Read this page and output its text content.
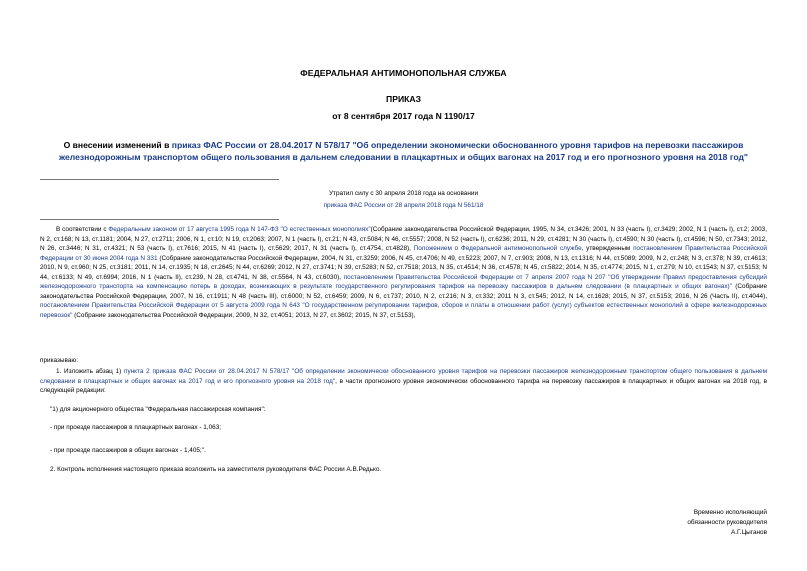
ФЕДЕРАЛЬНАЯ АНТИМОНОПОЛЬНАЯ СЛУЖБА
ПРИКАЗ
от 8 сентября 2017 года N 1190/17
О внесении изменений в приказ ФАС России от 28.04.2017 N 578/17 "Об определении экономически обоснованного уровня тарифов на перевозки пассажиров железнодорожным транспортом общего пользования в дальнем следовании в плацкартных и общих вагонах на 2017 год и его прогнозного уровня на 2018 год"
Утратил силу с 30 апреля 2018 года на основании
приказа ФАС России от 28 апреля 2018 года N 561/18
В соответствии с Федеральным законом от 17 августа 1995 года N 147-ФЗ "О естественных монополиях"(Собрание законодательства Российской Федерации, 1995, N 34, ст.3426; 2001, N 33 (часть I), ст.3429; 2002, N 1 (часть I), ст.2; 2003, N 2, ст.168; N 13, ст.1181; 2004, N 27, ст.2711; 2006, N 1, ст.10; N 19, ст.2063; 2007, N 1 (часть I), ст.21; N 43, ст.5084; N 46, ст.5557; 2008, N 52 (часть I), ст.6236; 2011, N 29, ст.4281; N 30 (часть I), ст.4590; N 30 (часть I), ст.4596; N 50, ст.7343; 2012, N 26, ст.3446; N 31, ст.4321; N 53 (часть I), ст.7616; 2015, N 41 (часть I), ст.5629; 2017, N 31 (часть I), ст.4754, ст.4828), Положением о Федеральной антимонопольной службе, утвержденным постановлением Правительства Российской Федерации от 30 июня 2004 года N 331 (Собрание законодательства Российской Федерации, 2004, N 31, ст.3259; 2006, N 45, ст.4706; N 49, ст.5223; 2007, N 7, ст.903; 2008, N 13, ст.1316; N 44, ст.5089; 2009, N 2, ст.248; N 3, ст.378; N 39, ст.4613; 2010, N 9, ст.960; N 25, ст.3181; 2011, N 14, ст.1935; N 18, ст.2645; N 44, ст.6269; 2012, N 27, ст.3741; N 39, ст.5283; N 52, ст.7518; 2013, N 35, ст.4514; N 36, ст.4578; N 45, ст.5822; 2014, N 35, ст.4774; 2015, N 1, ст.279; N 10, ст.1543; N 37, ст.5153; N 44, ст.6133; N 49, ст.6994; 2016, N 1 (часть II), ст.239, N 28, ст.4741, N 38, ст.5564, N 43, ст.6030), постановлением Правительства Российской Федерации от 7 апреля 2007 года N 207 "Об утверждении Правил предоставления субсидий железнодорожного транспорта на компенсацию потерь в доходах, возникающих в результате государственного регулирования тарифов на перевозку пассажиров в дальнем следовании (в плацкартных и общих вагонах)" (Собрание законодательства Российской Федерации, 2007, N 16, ст.1911; N 48 (часть III), ст.6000; N 52, ст.6459; 2009, N 6, ст.737; 2010, N 2, ст.216; N 3, ст.332; 2011 N 3, ст.545; 2012, N 14, ст.1628; 2015, N 37, ст.5153; 2016, N 26 (Часть II), ст.4044), постановлением Правительства Российской Федерации от 5 августа 2009 года N 643 "О государственном регулировании тарифов, сборов и платы в отношении работ (услуг) субъектов естественных монополий в сфере железнодорожных перевозок" (Собрание законодательства Российской Федерации, 2009, N 32, ст.4051; 2013, N 27, ст.3602; 2015, N 37, ст.5153),
приказываю:
1. Изложить абзац 1) пункта 2 приказа ФАС России от 28.04.2017 N 578/17 "Об определении экономически обоснованного уровня тарифов на перевозки пассажиров железнодорожным транспортом общего пользования в дальнем следовании в плацкартных и общих вагонах на 2017 год и его прогнозного уровня на 2018 год", в части прогнозного уровня экономически обоснованного тарифа на перевозку пассажиров в плацкартных и общих вагонах на 2018 год, в следующей редакции:
"1) для акционерного общества "Федеральная пассажирская компания":
- при проезде пассажиров в плацкартных вагонах - 1,063;
- при проезде пассажиров в общих вагонах - 1,405;".
2. Контроль исполнения настоящего приказа возложить на заместителя руководителя ФАС России А.В.Редько.
Временно исполняющий
обязанности руководителя
А.Г.Цыганов
